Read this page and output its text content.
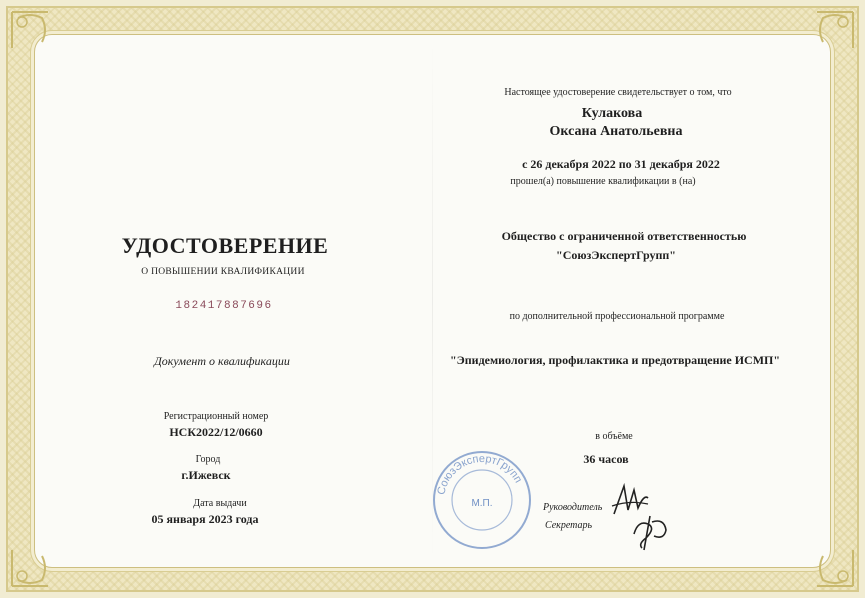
УДОСТОВЕРЕНИЕ
О ПОВЫШЕНИИ КВАЛИФИКАЦИИ
182417887696
Документ о квалификации
Регистрационный номер
НСК2022/12/0660
Город
г.Ижевск
Дата выдачи
05 января 2023 года
Настоящее удостоверение свидетельствует о том, что
Кулакова
Оксана Анатольевна
с 26 декабря 2022 по 31 декабря 2022
прошел(а) повышение квалификации в (на)
Общество с ограниченной ответственностью
"СоюзЭкспертГрупп"
по дополнительной профессиональной программе
"Эпидемиология, профилактика и предотвращение ИСМП"
в объёме
36 часов
Руководитель
Секретарь
СоюзЭкспертГрупп
М.П.
